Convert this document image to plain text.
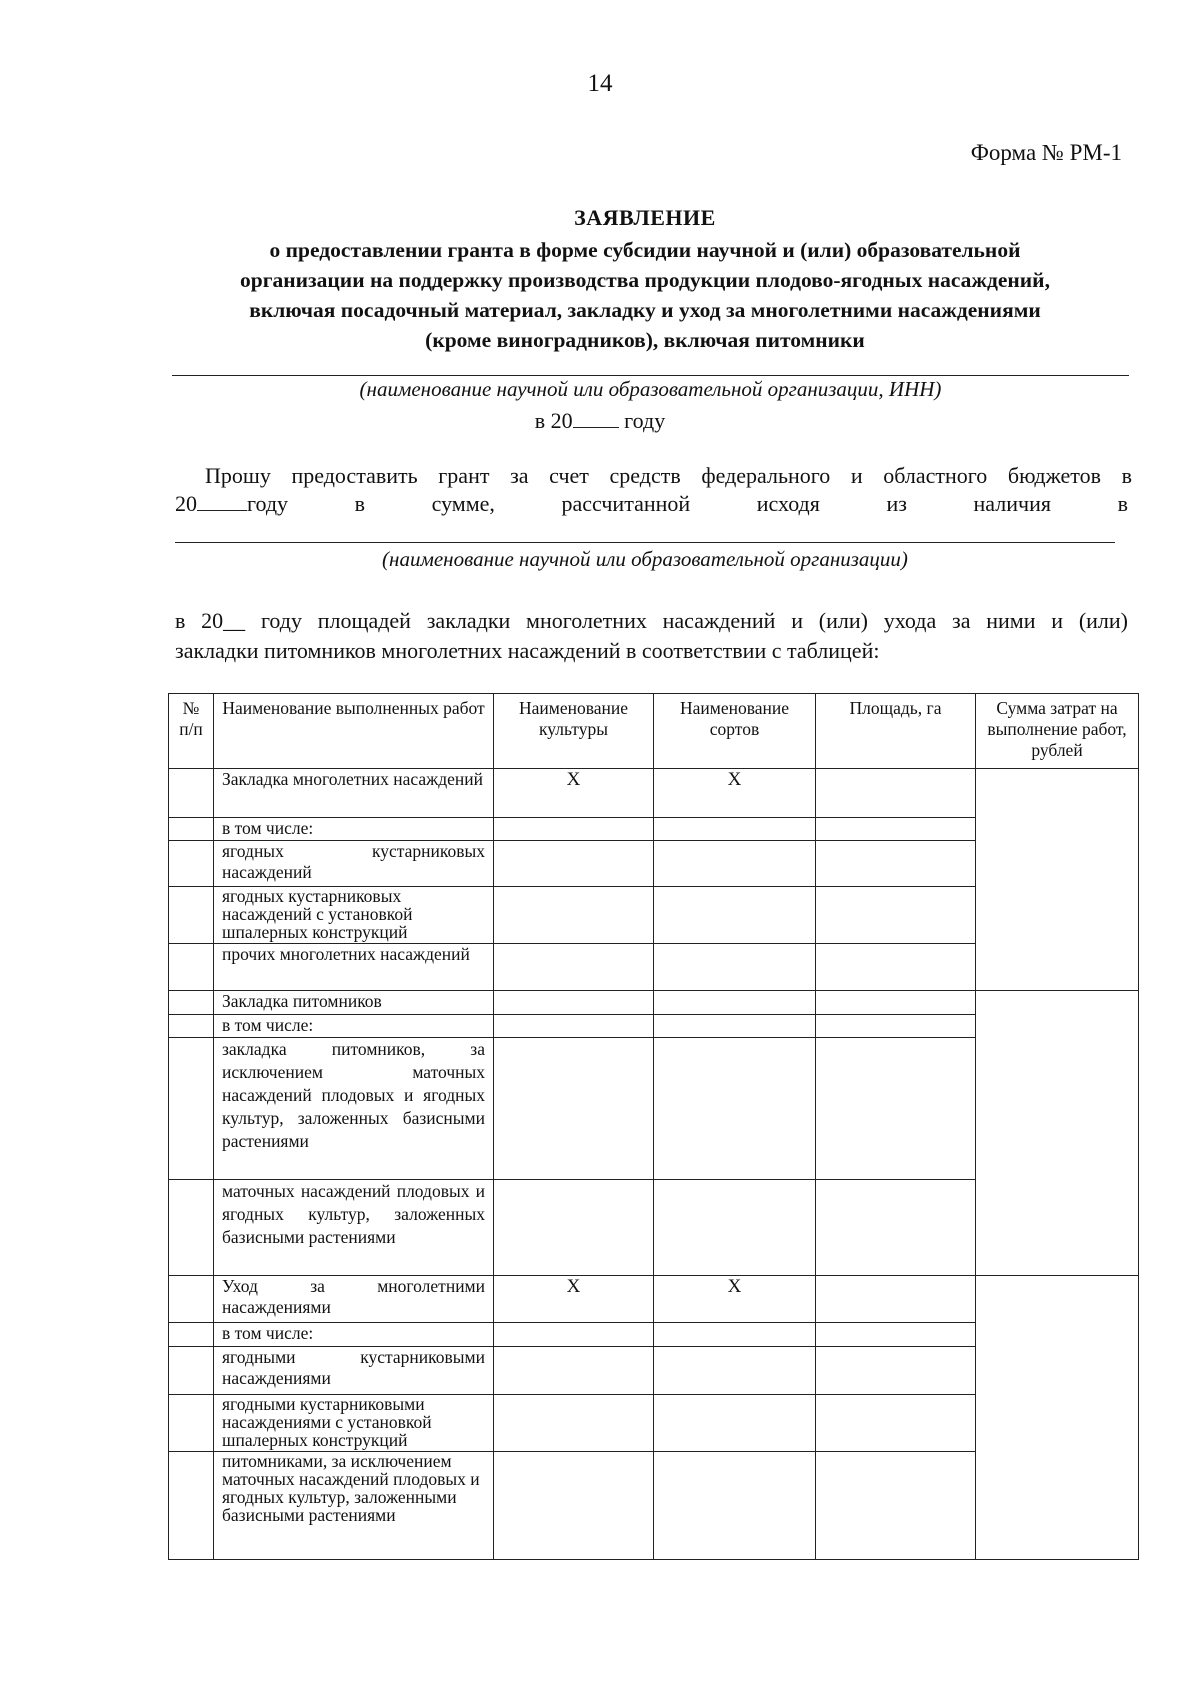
14
Форма № РМ-1
ЗАЯВЛЕНИЕ
о предоставлении гранта в форме субсидии научной и (или) образовательной
организации на поддержку производства продукции плодово-ягодных насаждений,
включая посадочный материал, закладку и уход за многолетними насаждениями
(кроме виноградников), включая питомники
(наименование научной или образовательной организации, ИНН)
в 20 году
Прошу предоставить грант за счет средств федерального и областного бюджетов в
20 году	в	сумме,	рассчитанной	исходя	из	наличия	в
(наименование научной или образовательной организации)
в 20__ году площадей закладки многолетних насаждений и (или) ухода за ними и (или)
закладки питомников многолетних насаждений в соответствии с таблицей:
№ п/п	Наименование выполненных работ	Наименование культуры	Наименование сортов	Площадь, га	Сумма затрат на выполнение работ, рублей
	Закладка многолетних насаждений	Х	Х		
	в том числе:				
	ягодных кустарниковых насаждений				
	ягодных кустарниковых насаждений с установкой шпалерных конструкций				
	прочих многолетних насаждений				
	Закладка питомников				
	в том числе:				
	закладка питомников, за исключением маточных насаждений плодовых и ягодных культур, заложенных базисными растениями				
	маточных насаждений плодовых и ягодных культур, заложенных базисными растениями				
	Уход за многолетними насаждениями	Х	Х		
	в том числе:				
	ягодными кустарниковыми насаждениями				
	ягодными кустарниковыми насаждениями с установкой шпалерных конструкций				
	питомниками, за исключением маточных насаждений плодовых и ягодных культур, заложенными базисными растениями				
